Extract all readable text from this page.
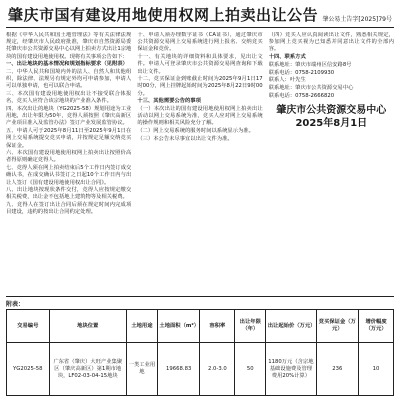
肇庆市国有建设用地使用权网上拍卖出让公告 肇公易土告字[2025]79号

根据《中华人民共和国土地管理法》等有关法律法规规定，经肇庆市人民政府批准，肇庆市自然资源局委托肇庆市公共资源交易中心以网上拍卖方式出让1宗地块的国有建设用地使用权。现将有关事项公告如下：

一、出让地块的基本情况和规划指标要求（见附表）

二、中华人民共和国境内外的法人、自然人和其他组织，除法律、法规另有规定外均可申请参加，申请人可以单独申请，也可以联合申请。

三、本次国有建设用地使用权出让不接受联合体报名，竞买人应符合该宗地块的产业准入条件。

四、本次出让的地块（YG2025-58）规划用途为工业用地，出让年限为50年，竞得人须按照《肇庆高新区产业项目准入及监管办法》签订产业发展监管协议。

五、申请人可于2025年8月11日至2025年9月1日在网上交易系统提交竞买申请，并按规定足额交纳竞买保证金。

六、本次国有建设用地使用权网上拍卖出让按照价高者得原则确定竞得人。

七、竞得人须在网上拍卖结束后5个工作日内签订成交确认书，在成交确认书签订之日起10个工作日内与出让人签订《国有建设用地使用权出让合同》。

八、出让地块按现状条件交付，竞得人应按规定缴交相关税费，出让金不包括地上建筑物等及相关税费。

九、竞得人在签订出让合同后须在规定时间内完成项目建设，违约的按出让合同约定处理。

十、申请人须办理数字证书（CA证书），通过肇庆市公共资源交易网上交易系统进行网上报名、交纳竞买保证金和竞价。

十一、有关地块的详细资料和具体要求，见出让文件。申请人可登录肇庆市公共资源交易网查询和下载出让文件。

十二、竞买保证金到账截止时间为2025年9月1日17时00分，网上挂牌起始时间为2025年8月22日9时00分。

十三、其他需要公告的事项

（一）本次出让的国有建设用地使用权网上拍卖出让活动以网上交易系统为准，竞买人应对网上交易系统的操作规则和相关风险充分了解。

（二）网上交易系统的服务时间以系统显示为准。

（三）本公告未尽事宜以出让文件为准。

（四）竞买人应认真阅读出让文件，熟悉相关规定，参加网上竞买视为已知悉并同意出让文件的全部内容。

十四、联系方式

联系地址：肇庆市端州区信安路8号

联系电话：0758-2109930

联系人：叶先生

联系地址：肇庆市公共资源交易中心

联系电话：0758-2666820

肇庆市公共资源交易中心
2025年8月1日
附表：
交易编号	地块位置	土地用途	土地面积（m²）	容积率	出让年限（年）	出让起始价（万元）	竞买保证金（万元）	增价幅度（万元）
YG2025-58	广东省（肇庆）大旺产业集聚区（肇庆高新区）第1期市地块，LF02-03-04-15地块	一类工业用地	19668.83	2.0-3.0	50	1180万元（含宗地基础设施费及管理费用20%计算）	236	10
